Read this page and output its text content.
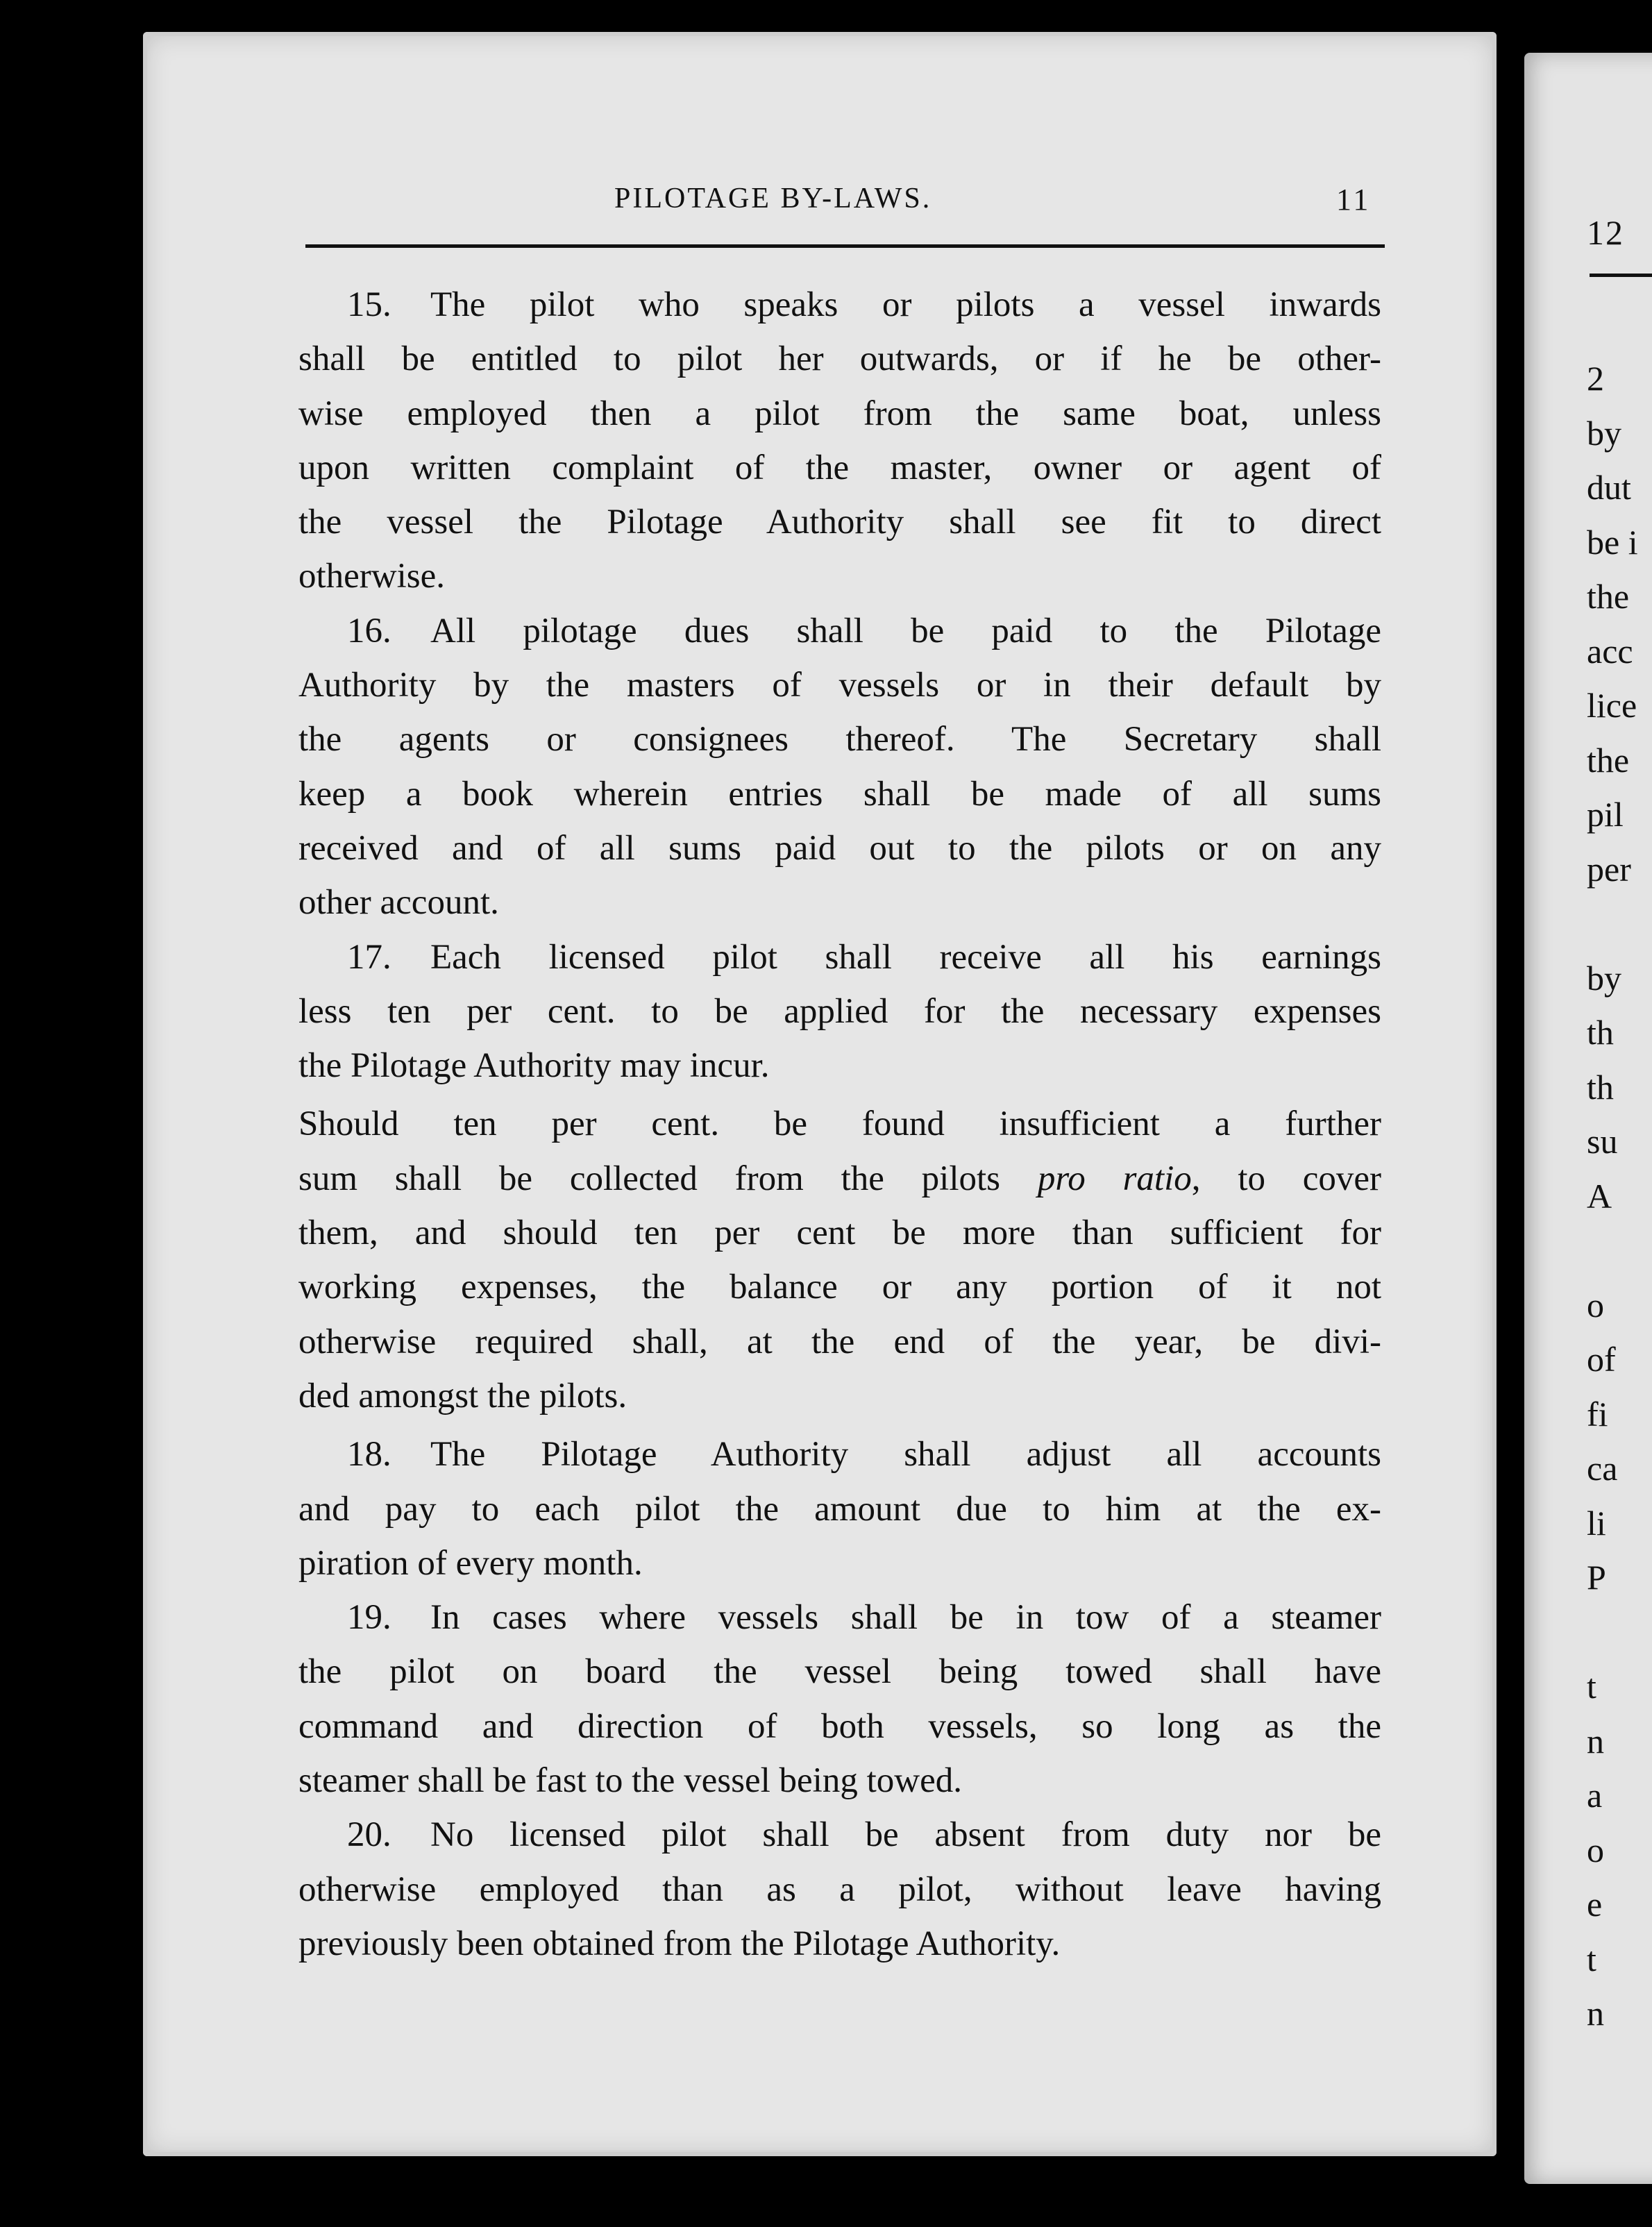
PILOTAGE BY-LAWS.	11
15. The pilot who speaks or pilots a vessel inwards
shall be entitled to pilot her outwards, or if he be other-
wise employed then a pilot from the same boat, unless
upon written complaint of the master, owner or agent of
the vessel the Pilotage Authority shall see fit to direct
otherwise.
16. All pilotage dues shall be paid to the Pilotage
Authority by the masters of vessels or in their default by
the agents or consignees thereof. The Secretary shall
keep a book wherein entries shall be made of all sums
received and of all sums paid out to the pilots or on any
other account.
17. Each licensed pilot shall receive all his earnings
less ten per cent. to be applied for the necessary expenses
the Pilotage Authority may incur.
Should ten per cent. be found insufficient a further
sum shall be collected from the pilots pro ratio, to cover
them, and should ten per cent be more than sufficient for
working expenses, the balance or any portion of it not
otherwise required shall, at the end of the year, be divi-
ded amongst the pilots.
18. The Pilotage Authority shall adjust all accounts
and pay to each pilot the amount due to him at the ex-
piration of every month.
19. In cases where vessels shall be in tow of a steamer
the pilot on board the vessel being towed shall have
command and direction of both vessels, so long as the
steamer shall be fast to the vessel being towed.
20. No licensed pilot shall be absent from duty nor be
otherwise employed than as a pilot, without leave having
previously been obtained from the Pilotage Authority.
12
2
by
dut
be i
the
acc
lice
the
pil
per
by
th
th
su
A
o
of
fi
ca
li
P
t
n
a
o
e
t
n
